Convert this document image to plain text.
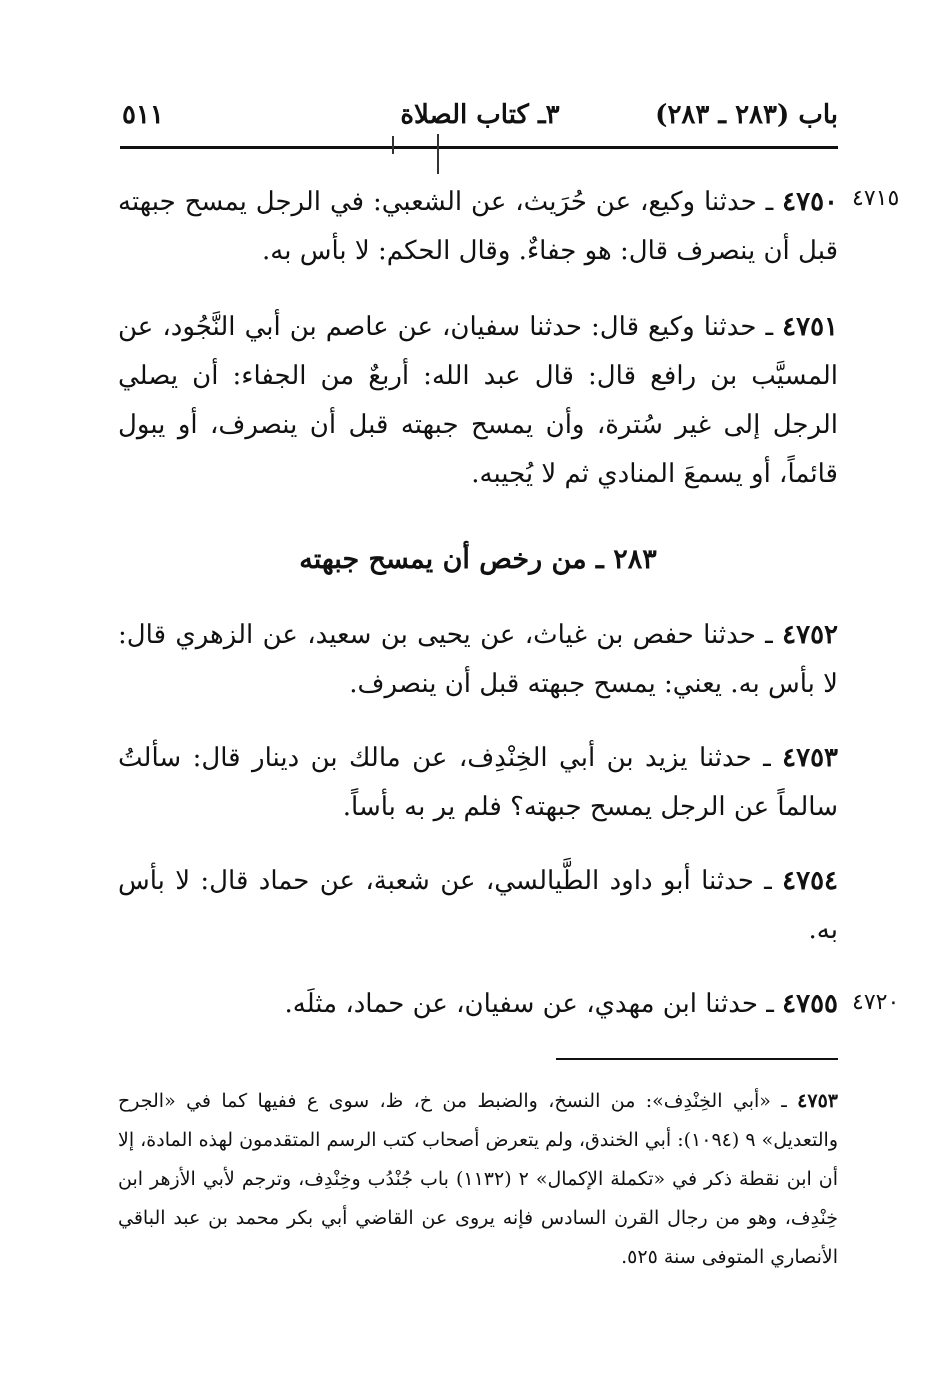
٥١١	٣ـ كتاب الصلاة	باب (٢٨٣ ـ ٢٨٣)
٤٧١٥
٤٧٥٠ ـ حدثنا وكيع، عن حُرَيث، عن الشعبي: في الرجل يمسح جبهته قبل أن ينصرف قال: هو جفاءٌ. وقال الحكم: لا بأس به.
٤٧٥١ ـ حدثنا وكيع قال: حدثنا سفيان، عن عاصم بن أبي النَّجُود، عن المسيَّب بن رافع قال: قال عبد الله: أربعٌ من الجفاء: أن يصلي الرجل إلى غير سُترة، وأن يمسح جبهته قبل أن ينصرف، أو يبول قائماً، أو يسمعَ المنادي ثم لا يُجيبه.
٢٨٣ ـ من رخص أن يمسح جبهته
٤٧٥٢ ـ حدثنا حفص بن غياث، عن يحيى بن سعيد، عن الزهري قال: لا بأس به. يعني: يمسح جبهته قبل أن ينصرف.
٤٧٥٣ ـ حدثنا يزيد بن أبي الخِنْدِف، عن مالك بن دينار قال: سألتُ سالماً عن الرجل يمسح جبهته؟ فلم ير به بأساً.
٤٧٥٤ ـ حدثنا أبو داود الطَّيالسي، عن شعبة، عن حماد قال: لا بأس به.
٤٧٢٠
٤٧٥٥ ـ حدثنا ابن مهدي، عن سفيان، عن حماد، مثلَه.
٤٧٥٣ ـ «أبي الخِنْدِف»: من النسخ، والضبط من خ، ظ، سوى ع ففيها كما في «الجرح والتعديل» ٩ (١٠٩٤): أبي الخندق، ولم يتعرض أصحاب كتب الرسم المتقدمون لهذه المادة، إلا أن ابن نقطة ذكر في «تكملة الإكمال» ٢ (١١٣٢) باب جُنْدُب وخِنْدِف، وترجم لأبي الأزهر ابن خِنْدِف، وهو من رجال القرن السادس فإنه يروى عن القاضي أبي بكر محمد بن عبد الباقي الأنصاري المتوفى سنة ٥٢٥.
